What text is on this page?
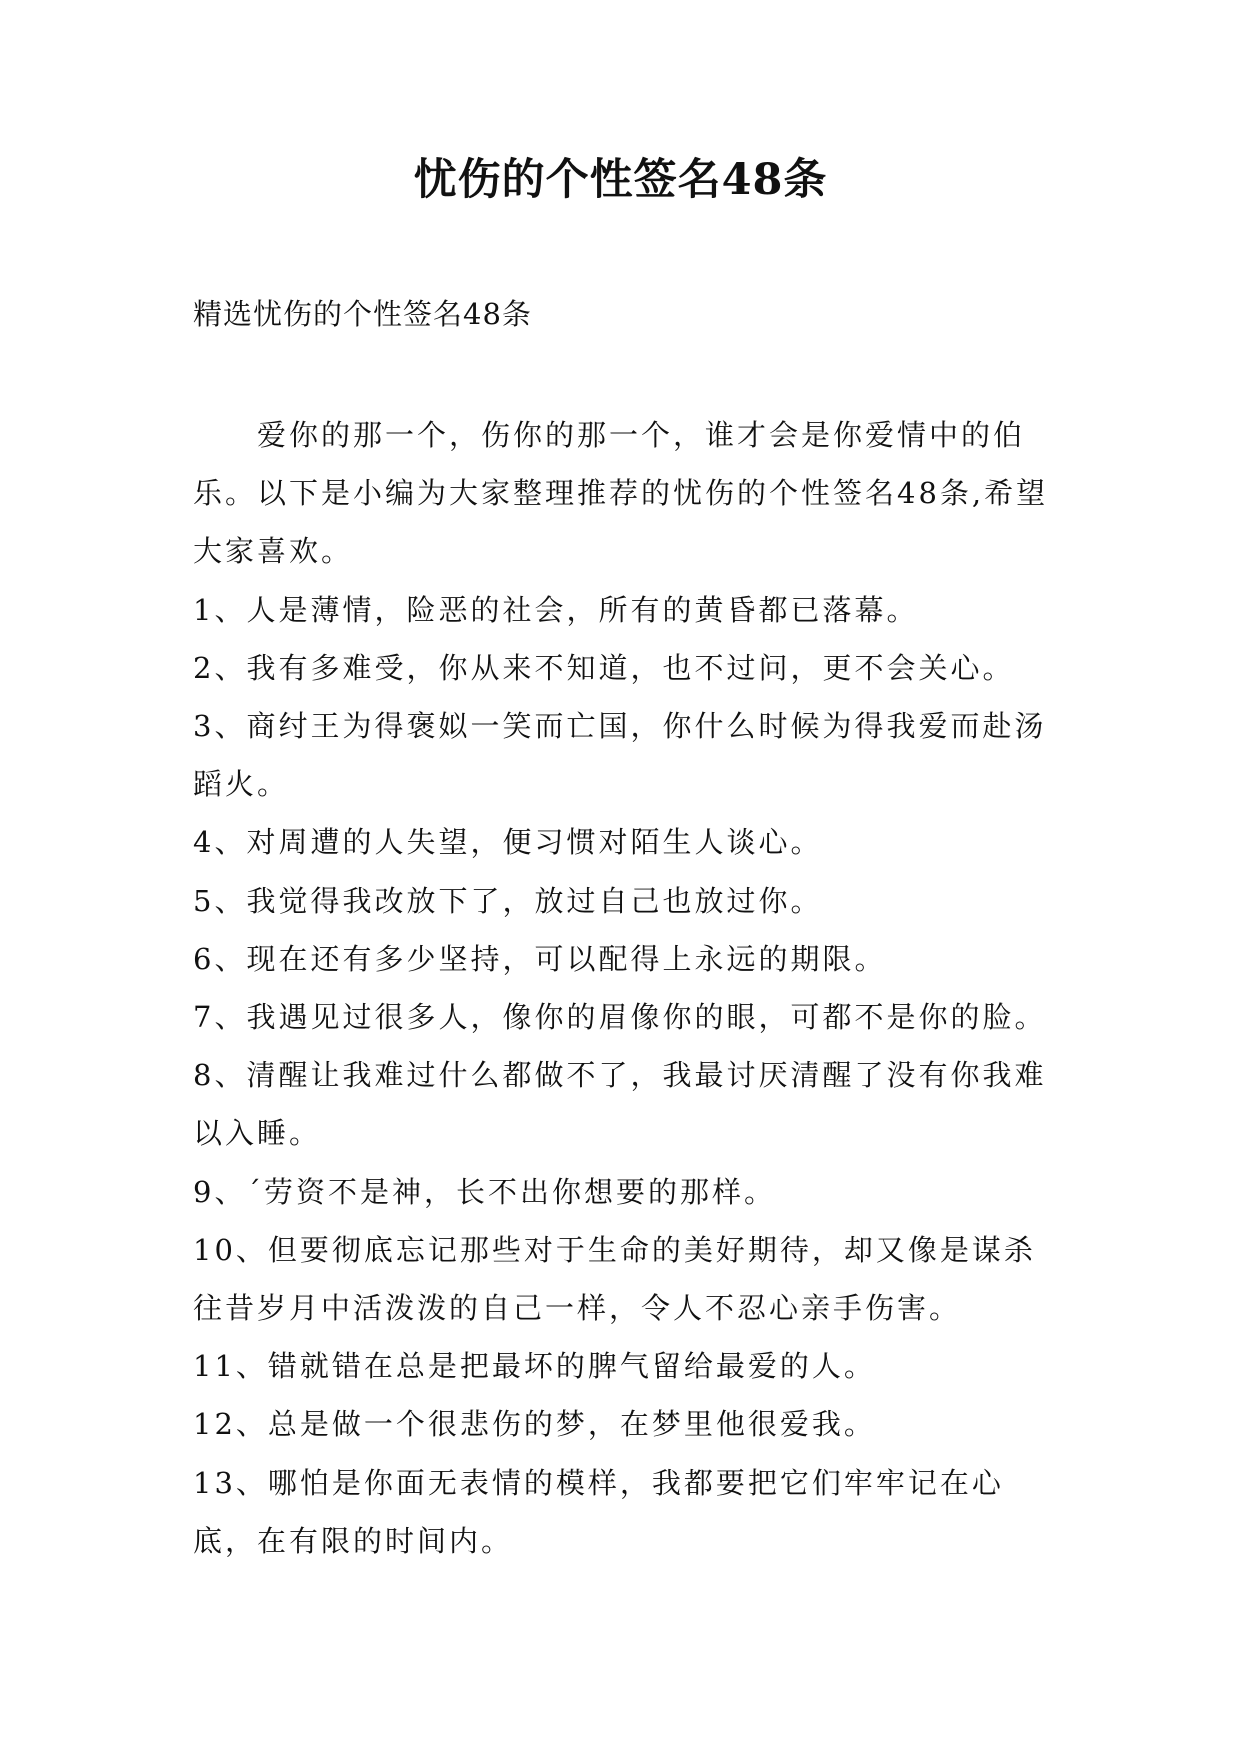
忧伤的个性签名48条
精选忧伤的个性签名48条

爱你的那一个，伤你的那一个，谁才会是你爱情中的伯乐。以下是小编为大家整理推荐的忧伤的个性签名48条,希望大家喜欢。

1、人是薄情，险恶的社会，所有的黄昏都已落幕。

2、我有多难受，你从来不知道，也不过问，更不会关心。

3、商纣王为得褒姒一笑而亡国，你什么时候为得我爱而赴汤蹈火。

4、对周遭的人失望，便习惯对陌生人谈心。

5、我觉得我改放下了，放过自己也放过你。

6、现在还有多少坚持，可以配得上永远的期限。

7、我遇见过很多人，像你的眉像你的眼，可都不是你的脸。

8、清醒让我难过什么都做不了，我最讨厌清醒了没有你我难以入睡。

9、ˊ劳资不是神，长不出你想要的那样。

10、但要彻底忘记那些对于生命的美好期待，却又像是谋杀往昔岁月中活泼泼的自己一样，令人不忍心亲手伤害。

11、错就错在总是把最坏的脾气留给最爱的人。

12、总是做一个很悲伤的梦，在梦里他很爱我。

13、哪怕是你面无表情的模样，我都要把它们牢牢记在心底，在有限的时间内。
